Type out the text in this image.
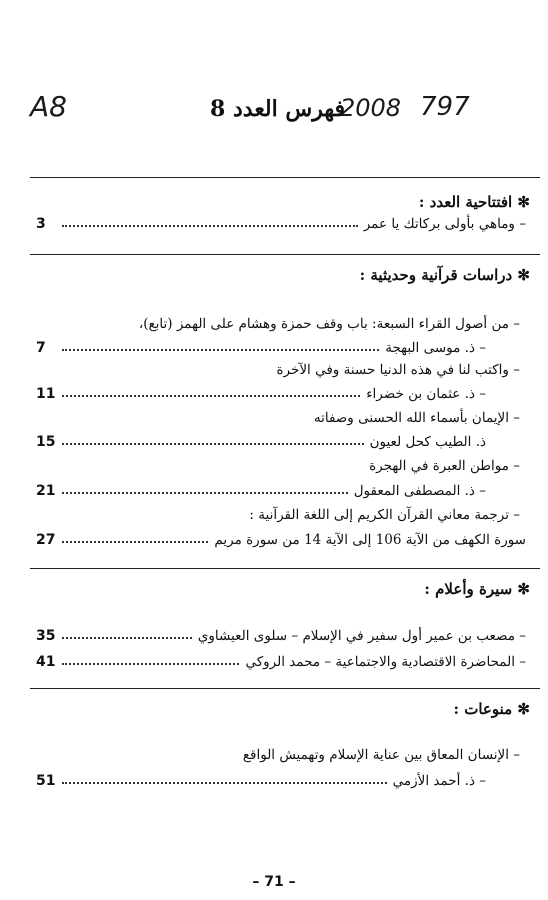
A8	797
2008
فهرس العدد 8
✻ افتتاحية العدد :
– وماهي بأولى بركاتك يا عمر
3
✻ دراسات قرآنية وحديثية :
– من أصول القراء السبعة: باب وقف حمزة وهشام على الهمز (تابع)،
– ذ. موسى البهجة
7
– واكتب لنا في هذه الدنيا حسنة وفي الآخرة
– ذ. عثمان بن خضراء
11
– الإيمان بأسماء الله الحسنى وصفاته
ذ. الطيب كحل لعيون
15
– مواطن العبرة في الهجرة
– ذ. المصطفى المعقول
21
– ترجمة معاني القرآن الكريم إلى اللغة القرآنية :
سورة الكهف من الآية 106 إلى الآية 14 من سورة مريم
27
✻ سيرة وأعلام :
– مصعب بن عمير أول سفير في الإسلام – سلوى العيشاوي
35
– المحاضرة الاقتصادية والاجتماعية – محمد الروكي
41
✻ منوعات :
– الإنسان المعاق بين عناية الإسلام وتهميش الواقع
– ذ. أحمد الأزمي
51
– 71 –
